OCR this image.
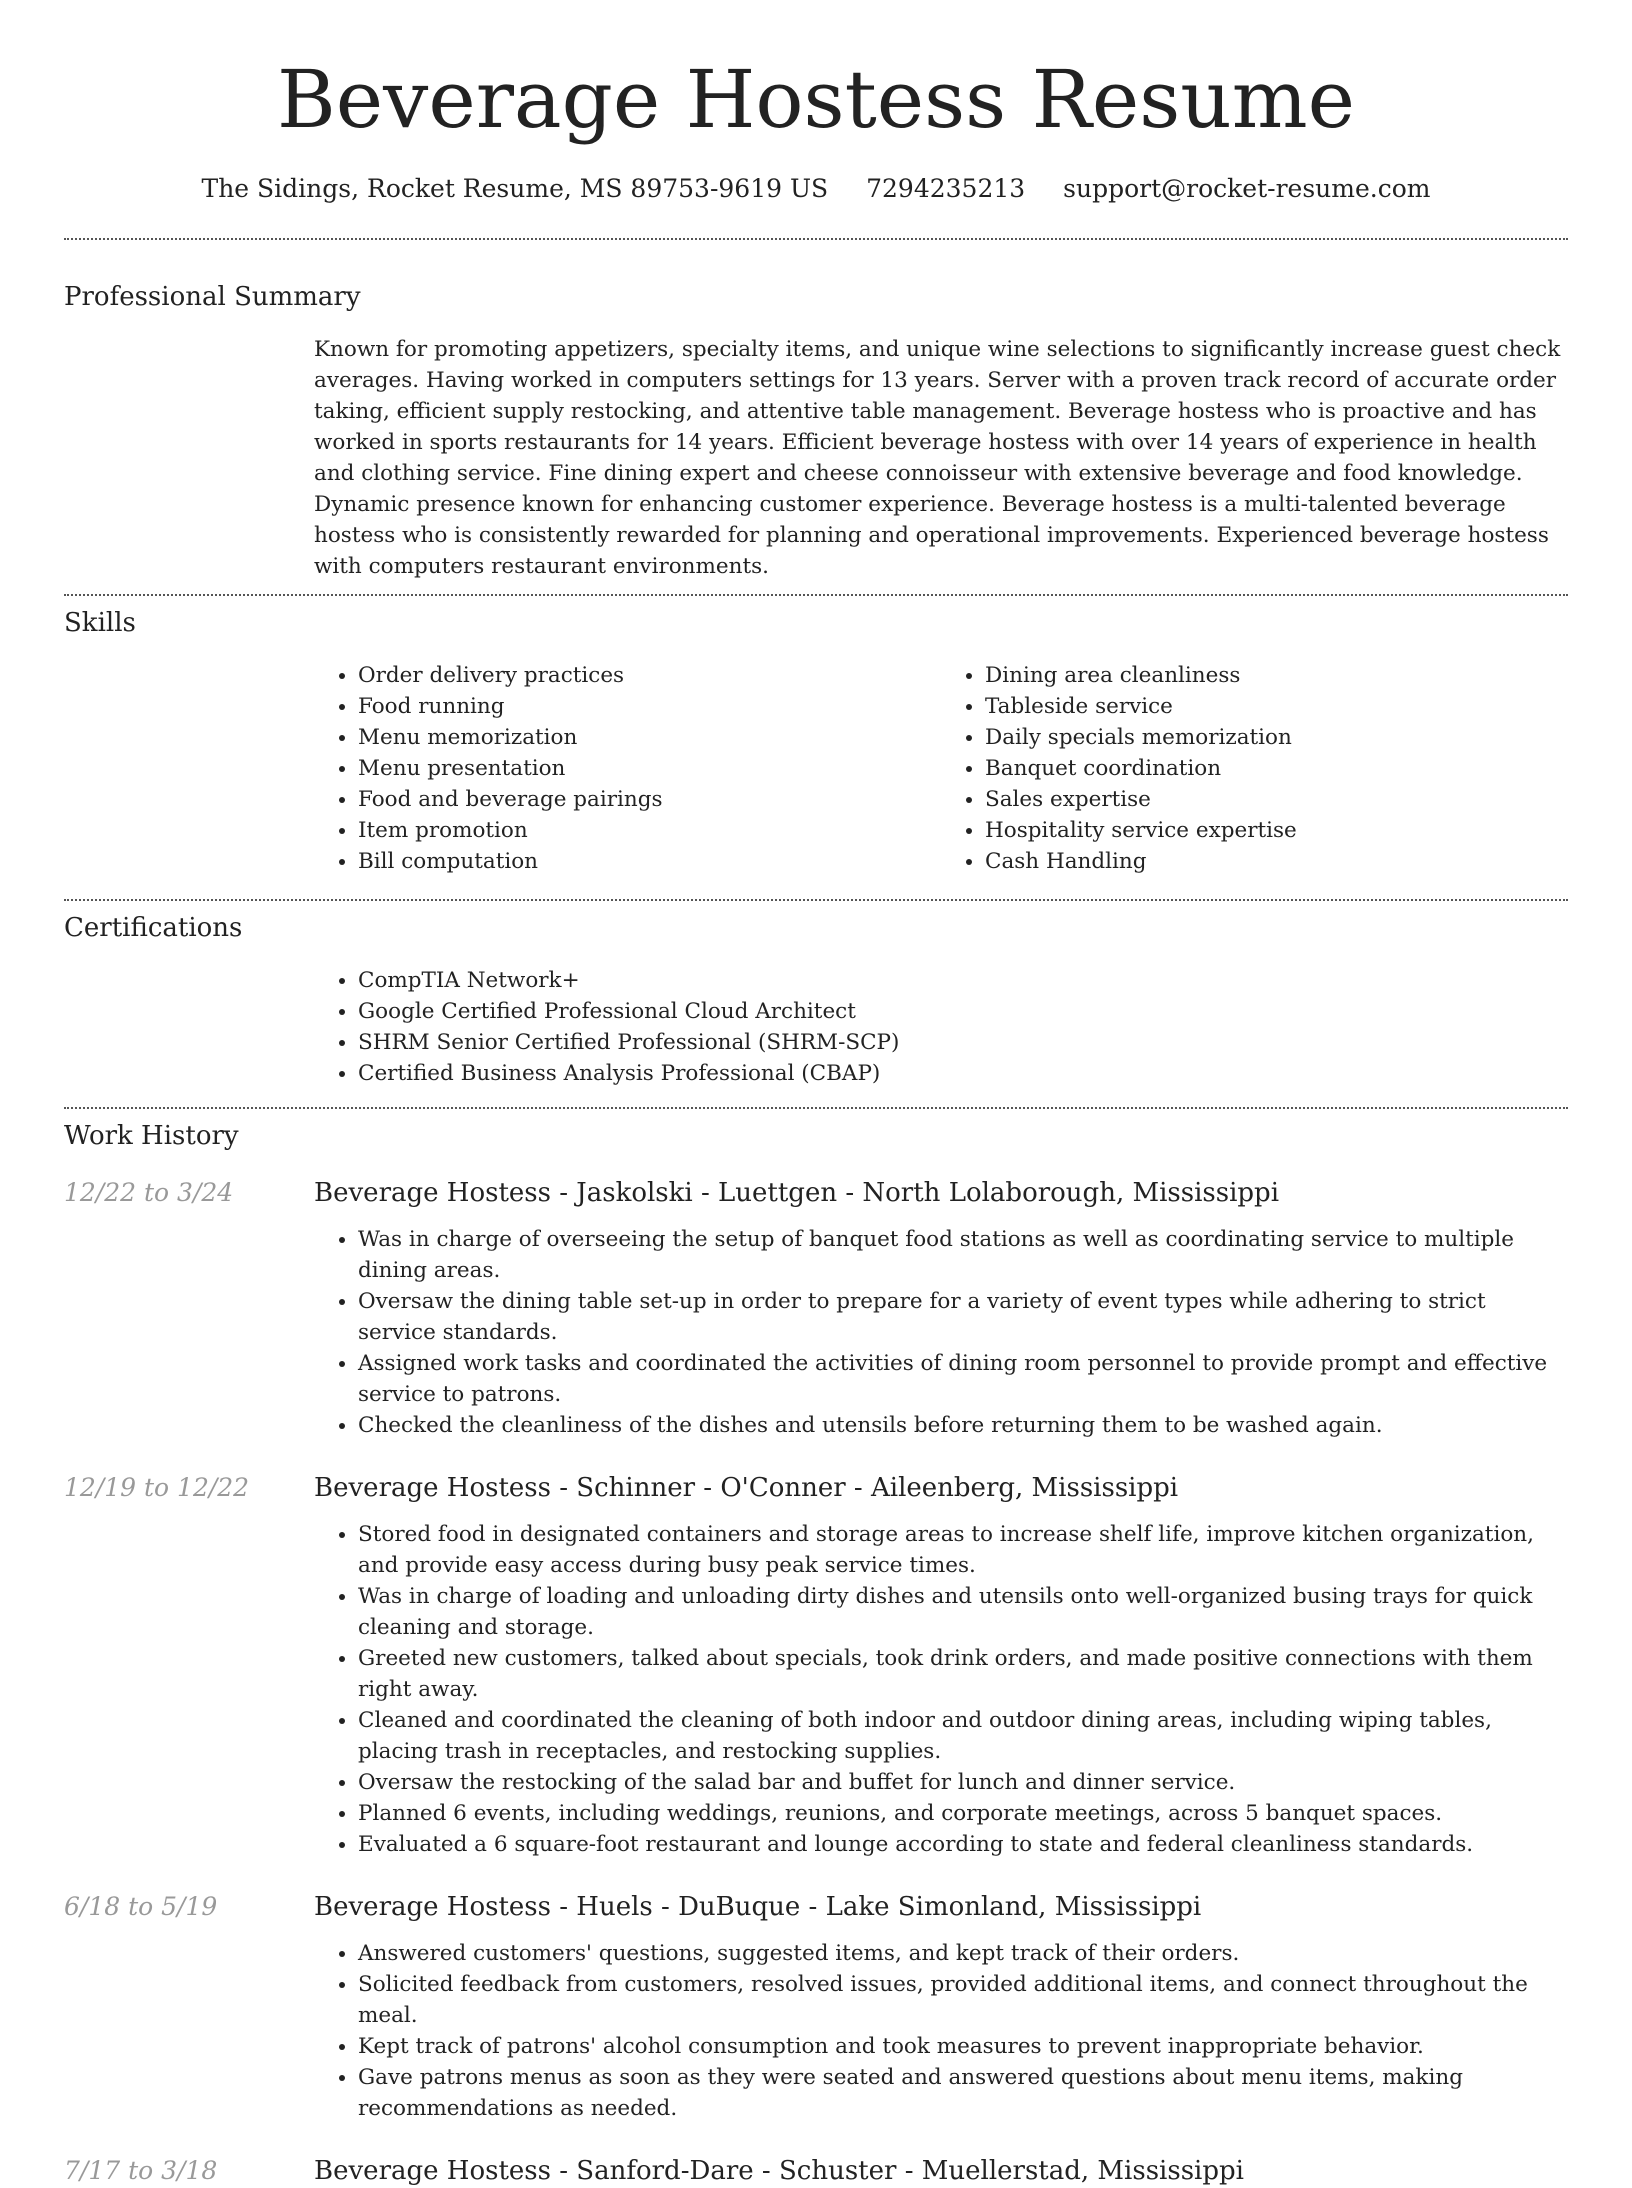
Beverage Hostess Resume
The Sidings, Rocket Resume, MS 89753-9619 US 7294235213 support@rocket-resume.com
Professional Summary

Known for promoting appetizers, specialty items, and unique wine selections to significantly increase guest check averages. Having worked in computers settings for 13 years. Server with a proven track record of accurate order taking, efficient supply restocking, and attentive table management. Beverage hostess who is proactive and has worked in sports restaurants for 14 years. Efficient beverage hostess with over 14 years of experience in health and clothing service. Fine dining expert and cheese connoisseur with extensive beverage and food knowledge. Dynamic presence known for enhancing customer experience. Beverage hostess is a multi-talented beverage hostess who is consistently rewarded for planning and operational improvements. Experienced beverage hostess with computers restaurant environments.

Skills
• Order delivery practices
• Food running
• Menu memorization
• Menu presentation
• Food and beverage pairings
• Item promotion
• Bill computation
• Dining area cleanliness
• Tableside service
• Daily specials memorization
• Banquet coordination
• Sales expertise
• Hospitality service expertise
• Cash Handling
Certifications
• CompTIA Network+
• Google Certified Professional Cloud Architect
• SHRM Senior Certified Professional (SHRM-SCP)
• Certified Business Analysis Professional (CBAP)
Work History
12/22 to 3/24	Beverage Hostess - Jaskolski - Luettgen - North Lolaborough, Mississippi
• Was in charge of overseeing the setup of banquet food stations as well as coordinating service to multiple dining areas.
• Oversaw the dining table set-up in order to prepare for a variety of event types while adhering to strict service standards.
• Assigned work tasks and coordinated the activities of dining room personnel to provide prompt and effective service to patrons.
• Checked the cleanliness of the dishes and utensils before returning them to be washed again.
12/19 to 12/22 Beverage Hostess - Schinner - O'Conner - Aileenberg, Mississippi
• Stored food in designated containers and storage areas to increase shelf life, improve kitchen organization, and provide easy access during busy peak service times.
• Was in charge of loading and unloading dirty dishes and utensils onto well-organized busing trays for quick cleaning and storage.
• Greeted new customers, talked about specials, took drink orders, and made positive connections with them right away.
• Cleaned and coordinated the cleaning of both indoor and outdoor dining areas, including wiping tables, placing trash in receptacles, and restocking supplies.
• Oversaw the restocking of the salad bar and buffet for lunch and dinner service.
• Planned 6 events, including weddings, reunions, and corporate meetings, across 5 banquet spaces.
• Evaluated a 6 square-foot restaurant and lounge according to state and federal cleanliness standards.
6/18 to 5/19	Beverage Hostess - Huels - DuBuque - Lake Simonland, Mississippi
• Answered customers' questions, suggested items, and kept track of their orders.
• Solicited feedback from customers, resolved issues, provided additional items, and connect throughout the meal.
• Kept track of patrons' alcohol consumption and took measures to prevent inappropriate behavior.
• Gave patrons menus as soon as they were seated and answered questions about menu items, making recommendations as needed.
7/17 to 3/18	Beverage Hostess - Sanford-Dare - Schuster - Muellerstad, Mississippi
